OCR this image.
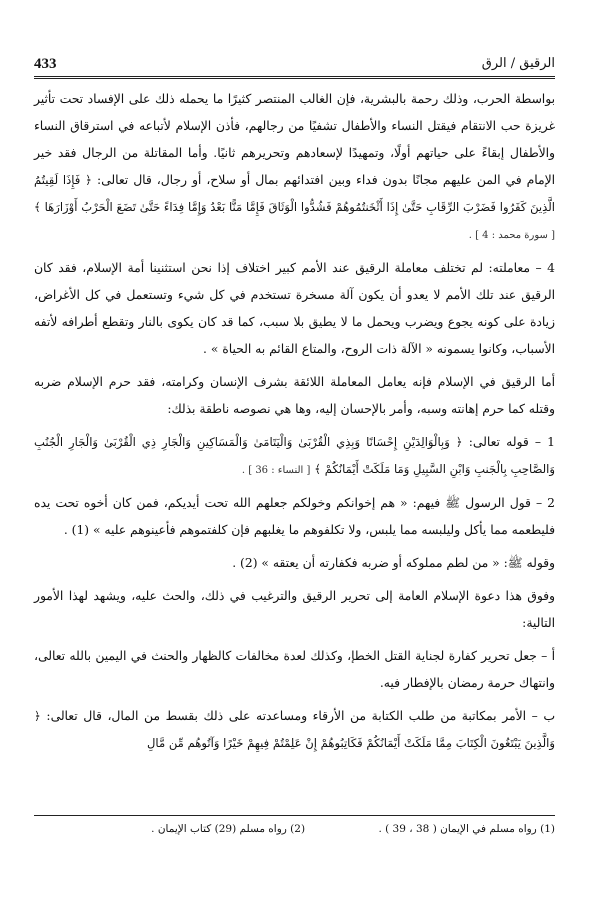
433	الرقيق / الرق

بواسطة الحرب، وذلك رحمة بالبشرية، فإن الغالب المنتصر كثيرًا ما يحمله ذلك على الإفساد تحت تأثير غريزة حب الانتقام فيقتل النساء والأطفال تشفيًا من رجالهم، فأذن الإسلام لأتباعه في استرقاق النساء والأطفال إبقاءً على حياتهم أولًا، وتمهيدًا لإسعادهم وتحريرهم ثانيًا. وأما المقاتلة من الرجال فقد خير الإمام في المن عليهم مجانًا بدون فداء وبين افتدائهم بمال أو سلاح، أو رجال، قال تعالى: ﴿ فَإِذَا لَقِيتُمُ الَّذِينَ كَفَرُوا فَضَرْبَ الرِّقَابِ حَتَّىٰ إِذَا أَثْخَنتُمُوهُمْ فَشُدُّوا الْوَثَاقَ فَإِمَّا مَنًّا بَعْدُ وَإِمَّا فِدَاءً حَتَّىٰ تَضَعَ الْحَرْبُ أَوْزَارَهَا ﴾ [ سورة محمد : 4 ] .

4 – معاملته: لم تختلف معاملة الرقيق عند الأمم كبير اختلاف إذا نحن استثنينا أمة الإسلام، فقد كان الرقيق عند تلك الأمم لا يعدو أن يكون آلة مسخرة تستخدم في كل شيء وتستعمل في كل الأغراض، زيادة على كونه يجوع ويضرب ويحمل ما لا يطيق بلا سبب، كما قد كان يكوى بالنار وتقطع أطرافه لأتفه الأسباب، وكانوا يسمونه « الآلة ذات الروح، والمتاع القائم به الحياة » .

أما الرقيق في الإسلام فإنه يعامل المعاملة اللائقة بشرف الإنسان وكرامته، فقد حرم الإسلام ضربه وقتله كما حرم إهانته وسبه، وأمر بالإحسان إليه، وها هي نصوصه ناطقة بذلك:

1 – قوله تعالى: ﴿ وَبِالْوَالِدَيْنِ إِحْسَانًا وَبِذِي الْقُرْبَىٰ وَالْيَتَامَىٰ وَالْمَسَاكِينِ وَالْجَارِ ذِي الْقُرْبَىٰ وَالْجَارِ الْجُنُبِ وَالصَّاحِبِ بِالْجَنبِ وَابْنِ السَّبِيلِ وَمَا مَلَكَتْ أَيْمَانُكُمْ ﴾ [ النساء : 36 ] .

2 – قول الرسول ﷺ فيهم: « هم إخوانكم وخولكم جعلهم الله تحت أيديكم، فمن كان أخوه تحت يده فليطعمه مما يأكل وليلبسه مما يلبس، ولا تكلفوهم ما يغلبهم فإن كلفتموهم فأعينوهم عليه » (1) .

وقوله ﷺ: « من لطم مملوكه أو ضربه فكفارته أن يعتقه » (2) .

وفوق هذا دعوة الإسلام العامة إلى تحرير الرقيق والترغيب في ذلك، والحث عليه، ويشهد لهذا الأمور التالية:

أ – جعل تحرير كفارة لجناية القتل الخطإ، وكذلك لعدة مخالفات كالظهار والحنث في اليمين بالله تعالى، وانتهاك حرمة رمضان بالإفطار فيه.

ب – الأمر بمكاتبة من طلب الكتابة من الأرقاء ومساعدته على ذلك بقسط من المال، قال تعالى: ﴿ وَالَّذِينَ يَبْتَغُونَ الْكِتَابَ مِمَّا مَلَكَتْ أَيْمَانُكُمْ فَكَاتِبُوهُمْ إِنْ عَلِمْتُمْ فِيهِمْ خَيْرًا وَآتُوهُم مِّن مَّالِ

(1) رواه مسلم في الإيمان ( 38 ، 39 ) . (2) رواه مسلم (29) كتاب الإيمان .
